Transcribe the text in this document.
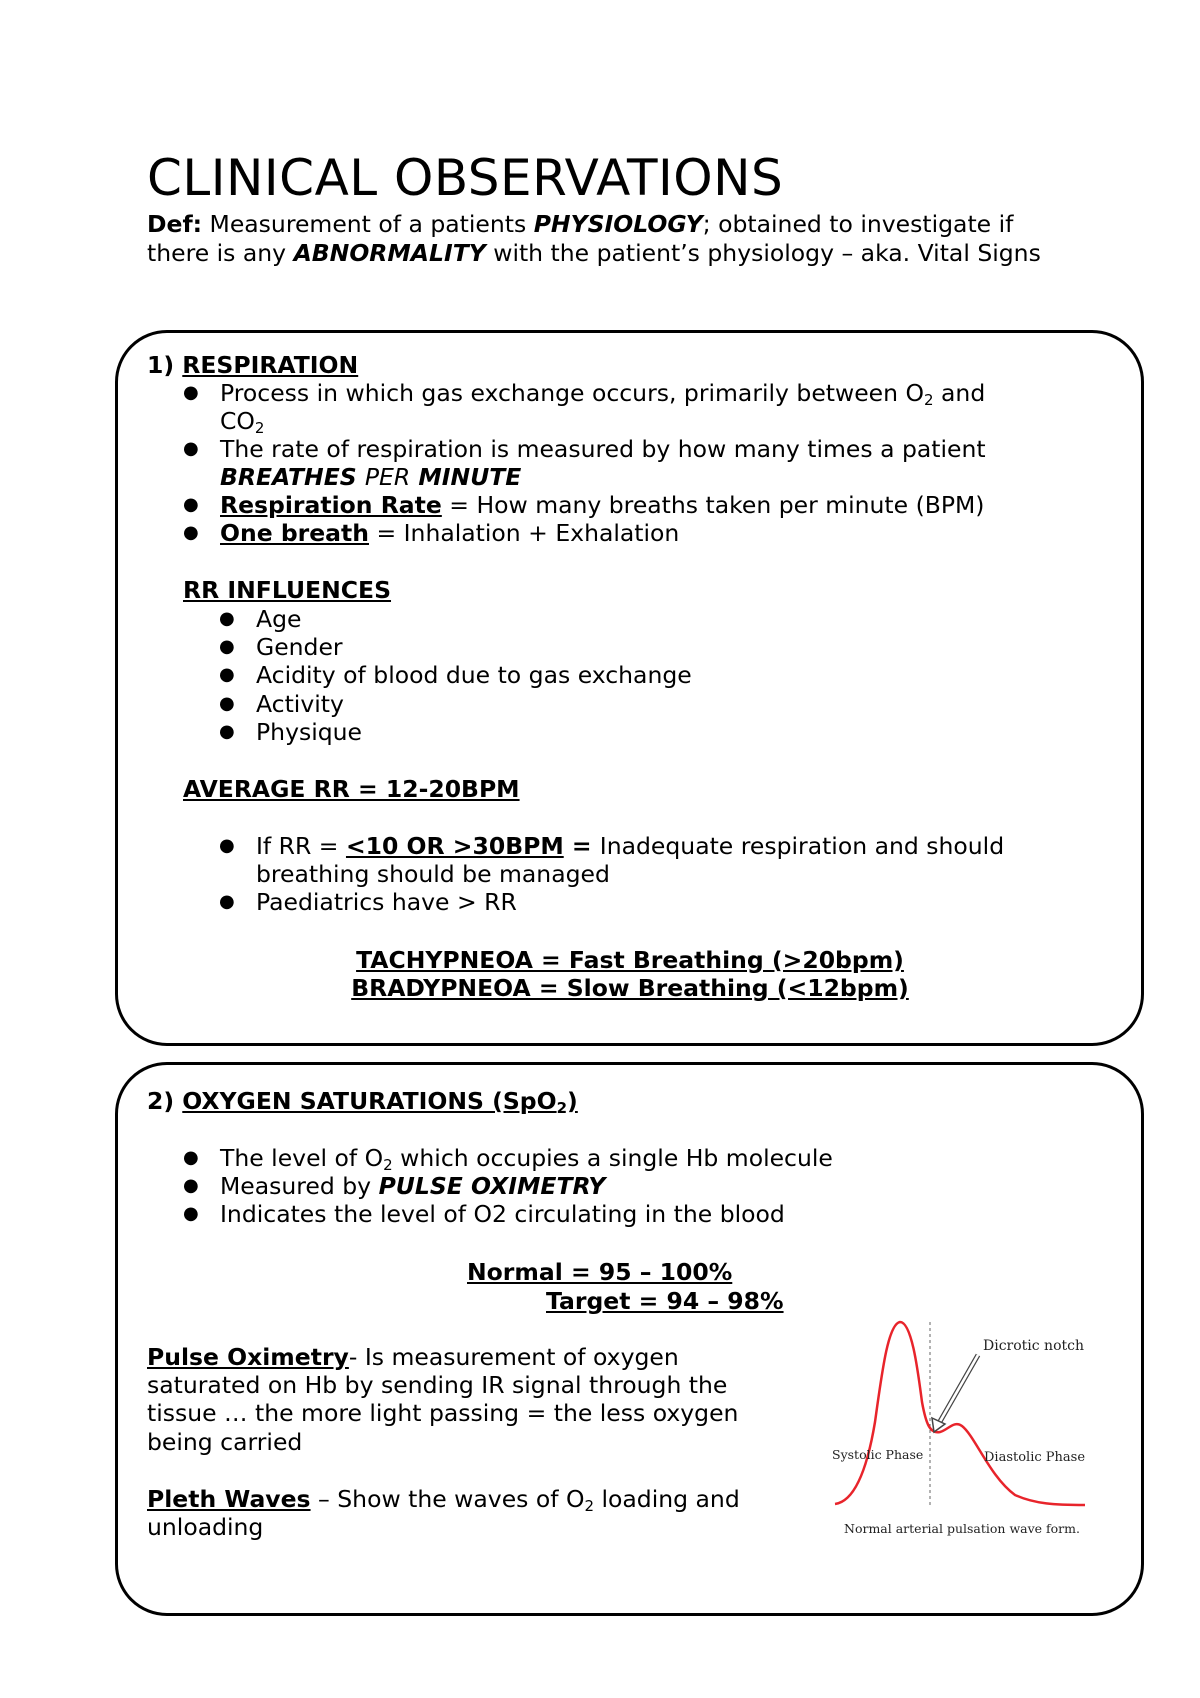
CLINICAL OBSERVATIONS
Def: Measurement of a patients PHYSIOLOGY; obtained to investigate if there is any ABNORMALITY with the patient’s physiology – aka. Vital Signs
1) RESPIRATION
● Process in which gas exchange occurs, primarily between $O_2$ and
$CO_2$
● The rate of respiration is measured by how many times a patient
BREATHES PER MINUTE
● Respiration Rate = How many breaths taken per minute (BPM)
● One breath = Inhalation + Exhalation
RR INFLUENCES
● Age
● Gender
● Acidity of blood due to gas exchange
● Activity
● Physique
AVERAGE RR = 12-20BPM
● If RR = <10 OR >30BPM = Inadequate respiration and should
breathing should be managed
● Paediatrics have > RR
TACHYPNEOA = Fast Breathing (>20bpm)
BRADYPNEOA = Slow Breathing (<12bpm)
2) OXYGEN SATURATIONS (SpO$_2$)
● The level of $O_2$ which occupies a single Hb molecule
● Measured by PULSE OXIMETRY
● Indicates the level of O2 circulating in the blood
Normal = 95 – 100%
Target = 94 – 98%
Pulse Oximetry- Is measurement of oxygen
saturated on Hb by sending IR signal through the
tissue … the more light passing = the less oxygen
being carried
Pleth Waves – Show the waves of $O_2$ loading and
unloading
Dicrotic notch
Systolic Phase	Diastolic Phase
Normal arterial pulsation wave form.
